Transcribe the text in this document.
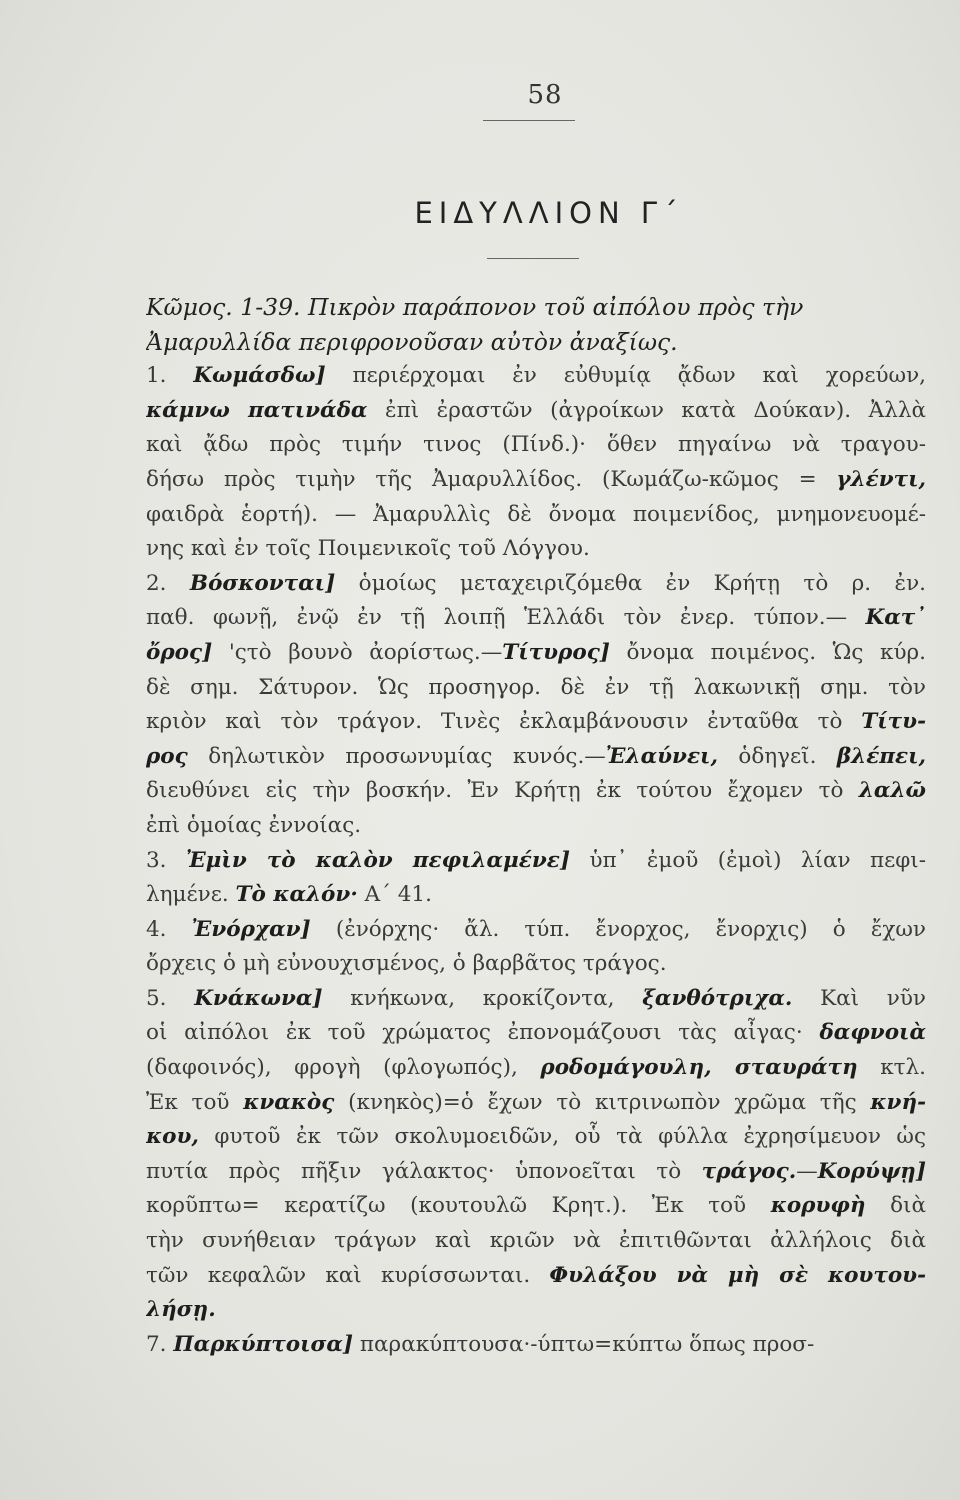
58
ΕΙΔΥΛΛΙΟΝ Γ΄
Κῶμος. 1-39. Πικρὸν παράπονον τοῦ αἰπόλου πρὸς τὴν
Ἀμαρυλλίδα περιφρονοῦσαν αὐτὸν ἀναξίως.
1. Κωμάσδω] περιέρχομαι ἐν εὐθυμίᾳ ᾄδων καὶ χορεύων,
κάμνω πατινάδα ἐπὶ ἐραστῶν (ἀγροίκων κατὰ Δούκαν). Ἀλλὰ
καὶ ᾄδω πρὸς τιμήν τινος (Πίνδ.)· ὅθεν πηγαίνω νὰ τραγου-
δήσω πρὸς τιμὴν τῆς Ἀμαρυλλίδος. (Κωμάζω-κῶμος = γλέντι,
φαιδρὰ ἑορτή). — Ἀμαρυλλὶς δὲ ὄνομα ποιμενίδος, μνημονευομέ-
νης καὶ ἐν τοῖς Ποιμενικοῖς τοῦ Λόγγου.
2. Βόσκονται] ὁμοίως μεταχειριζόμεθα ἐν Κρήτῃ τὸ ρ. ἐν.
παθ. φωνῇ, ἐνῷ ἐν τῇ λοιπῇ Ἑλλάδι τὸν ἐνερ. τύπον.— Κατ᾽
ὄρος] 'ςτὸ βουνὸ ἀορίστως.—Τίτυρος] ὄνομα ποιμένος. Ὡς κύρ.
δὲ σημ. Σάτυρον. Ὡς προσηγορ. δὲ ἐν τῇ λακωνικῇ σημ. τὸν
κριὸν καὶ τὸν τράγον. Τινὲς ἐκλαμβάνουσιν ἐνταῦθα τὸ Τίτυ-
ρος δηλωτικὸν προσωνυμίας κυνός.—Ἐλαύνει, ὁδηγεῖ. βλέπει,
διευθύνει εἰς τὴν βοσκήν. Ἐν Κρήτῃ ἐκ τούτου ἔχομεν τὸ λαλῶ
ἐπὶ ὁμοίας ἐννοίας.
3. Ἐμὶν τὸ καλὸν πεφιλαμένε] ὑπ᾽ ἐμοῦ (ἐμοὶ) λίαν πεφι-
λημένε. Τὸ καλόν· Α΄ 41.
4. Ἐνόρχαν] (ἐνόρχης· ἄλ. τύπ. ἔνορχος, ἔνορχις) ὁ ἔχων
ὄρχεις ὁ μὴ εὐνουχισμένος, ὁ βαρβᾶτος τράγος.
5. Κνάκωνα] κνήκωνα, κροκίζοντα, ξανθότριχα. Καὶ νῦν
οἱ αἰπόλοι ἐκ τοῦ χρώματος ἐπονομάζουσι τὰς αἶγας· δαφνοιὰ
(δαφοινός), φρογὴ (φλογωπός), ροδομάγουλη, σταυράτη κτλ.
Ἐκ τοῦ κνακὸς (κνηκὸς)=ὁ ἔχων τὸ κιτρινωπὸν χρῶμα τῆς κνή-
κου, φυτοῦ ἐκ τῶν σκολυμοειδῶν, οὗ τὰ φύλλα ἐχρησίμευον ὡς
πυτία πρὸς πῆξιν γάλακτος· ὑπονοεῖται τὸ τράγος.—Κορύψῃ]
κορῦπτω= κερατίζω (κουτουλῶ Κρητ.). Ἐκ τοῦ κορυφὴ διὰ
τὴν συνήθειαν τράγων καὶ κριῶν νὰ ἐπιτιθῶνται ἀλλήλοις διὰ
τῶν κεφαλῶν καὶ κυρίσσωνται. Φυλάξου νὰ μὴ σὲ κουτου-
λήσῃ.
7. Παρκύπτοισα] παρακύπτουσα·-ύπτω=κύπτω ὅπως προσ-
